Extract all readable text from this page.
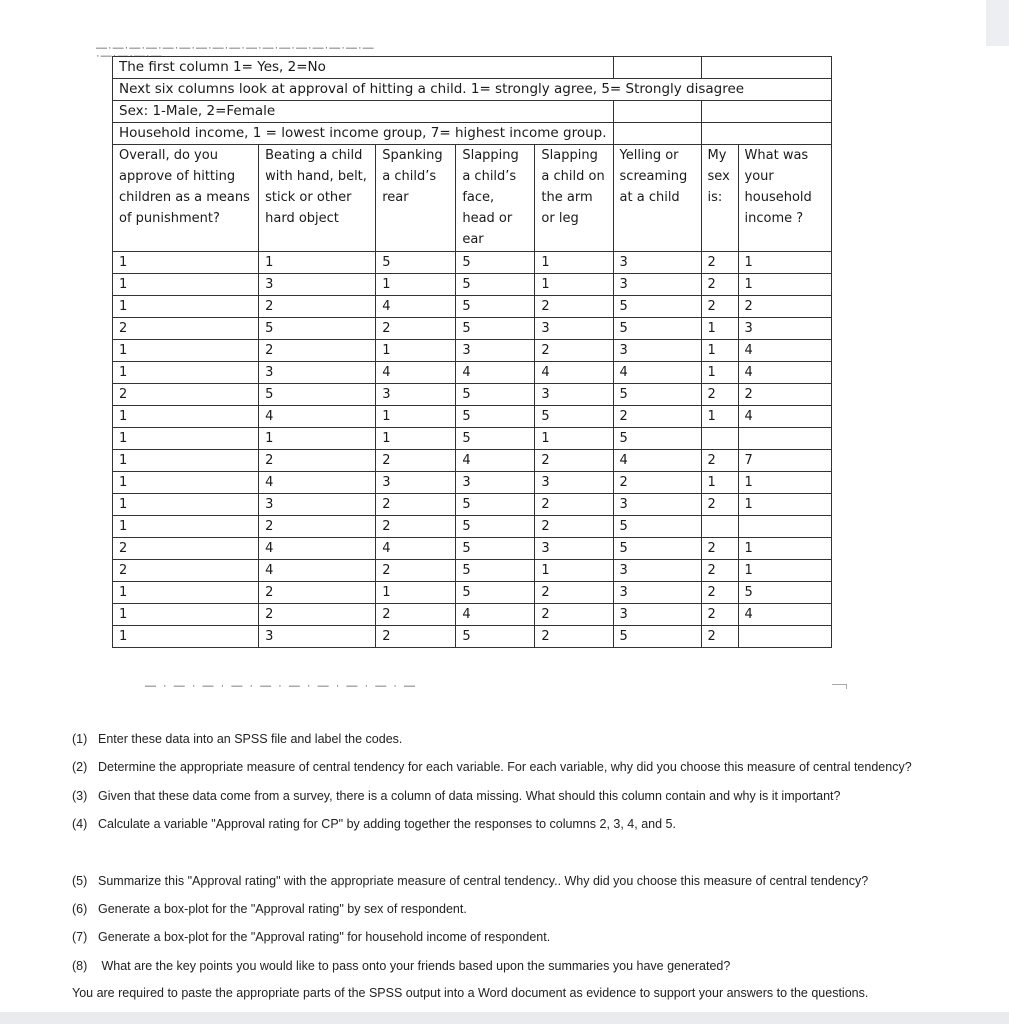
—·—·—·—·—·—·—·—·—·—·—·—·—·—·—·—·—·—·—·—·—
— · — · — · — · — · — · — · — · — · —
The first column 1= Yes, 2=No							
Next six columns look at approval of hitting a child. 1= strongly agree, 5= Strongly disagree							
Sex: 1-Male, 2=Female							
Household income, 1 = lowest income group, 7= highest income group.							
Overall, do you approve of hitting children as a means of punishment?	Beating a child with hand, belt, stick or other hard object	Spanking a child’s rear	Slapping a child’s face, head or ear	Slapping a child on the arm or leg	Yelling or screaming at a child	My sex is:	What was your household income ?
1	1	5	5	1	3	2	1
1	3	1	5	1	3	2	1
1	2	4	5	2	5	2	2
2	5	2	5	3	5	1	3
1	2	1	3	2	3	1	4
1	3	4	4	4	4	1	4
2	5	3	5	3	5	2	2
1	4	1	5	5	2	1	4
1	1	1	5	1	5		
1	2	2	4	2	4	2	7
1	4	3	3	3	2	1	1
1	3	2	5	2	3	2	1
1	2	2	5	2	5		
2	4	4	5	3	5	2	1
2	4	2	5	1	3	2	1
1	2	1	5	2	3	2	5
1	2	2	4	2	3	2	4
1	3	2	5	2	5	2	
(1) Enter these data into an SPSS file and label the codes.
(2) Determine the appropriate measure of central tendency for each variable. For each variable, why did you choose this measure of central tendency?
(3) Given that these data come from a survey, there is a column of data missing. What should this column contain and why is it important?
(4) Calculate a variable "Approval rating for CP" by adding together the responses to columns 2, 3, 4, and 5.
(5) Summarize this "Approval rating" with the appropriate measure of central tendency.. Why did you choose this measure of central tendency?
(6) Generate a box-plot for the "Approval rating" by sex of respondent.
(7) Generate a box-plot for the "Approval rating" for household income of respondent.
(8) What are the key points you would like to pass onto your friends based upon the summaries you have generated?
You are required to paste the appropriate parts of the SPSS output into a Word document as evidence to support your answers to the questions.
